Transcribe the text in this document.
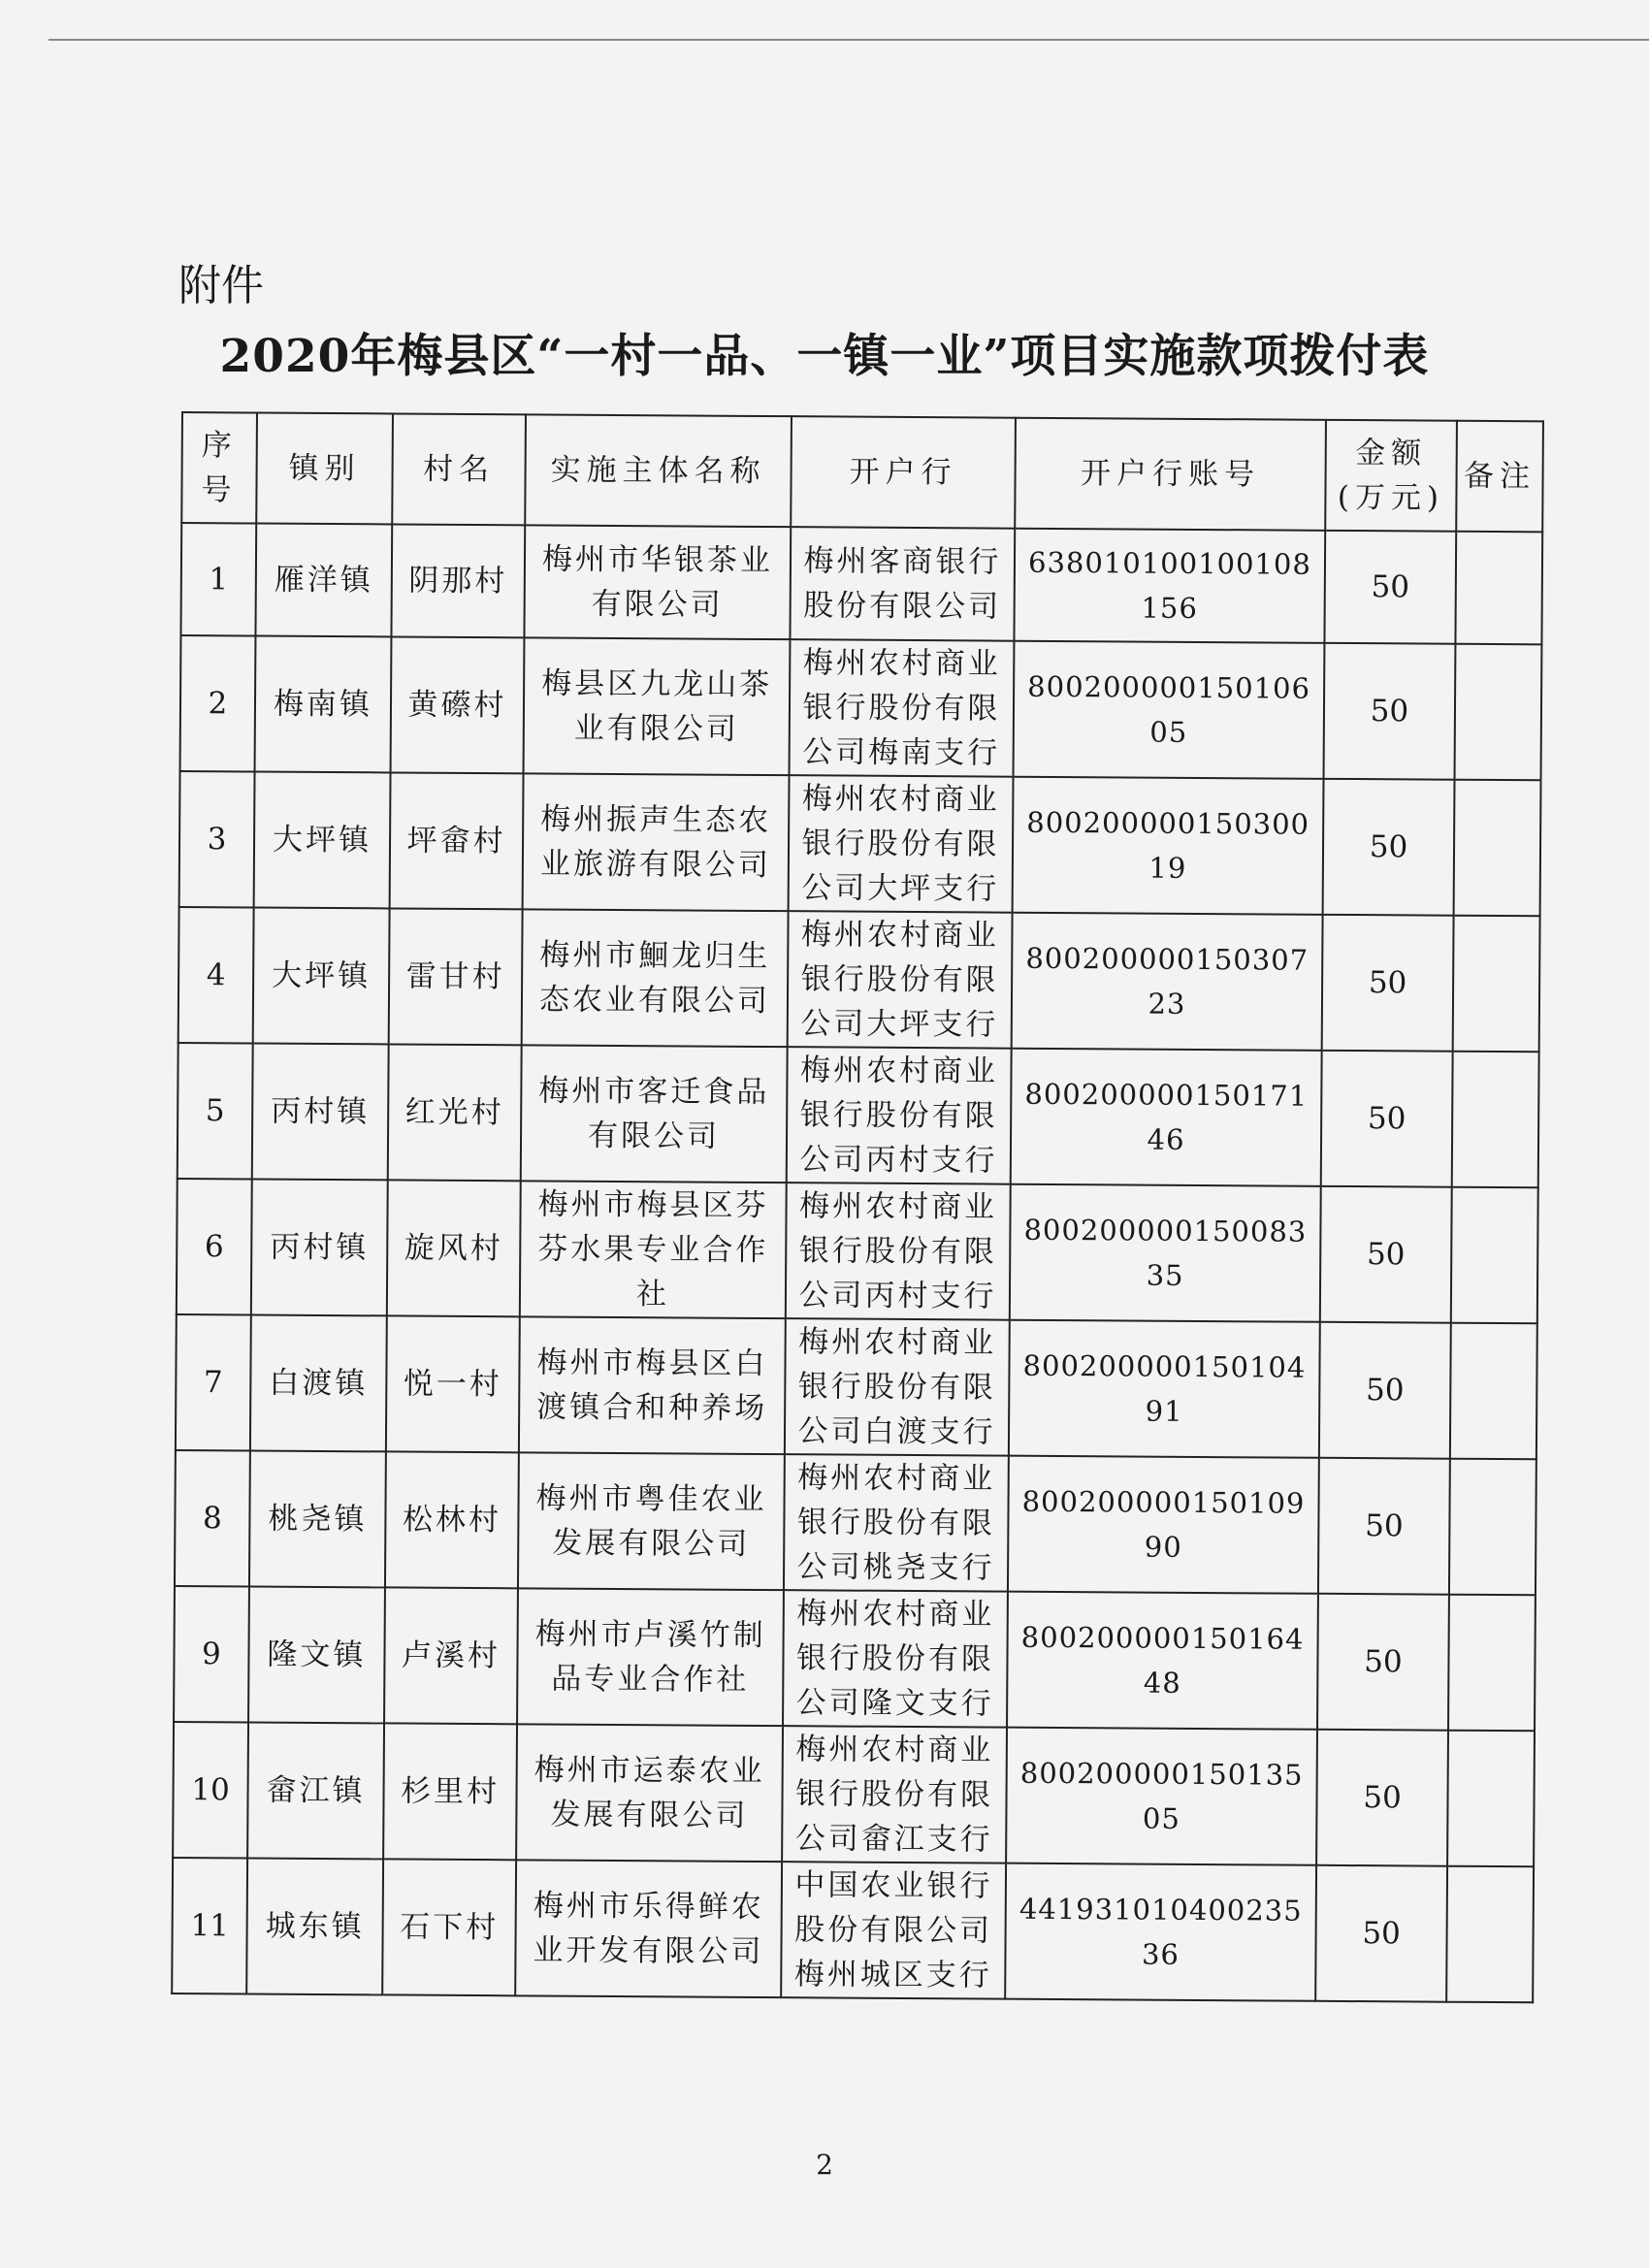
附件
2020年梅县区“一村一品、一镇一业”项目实施款项拨付表
序号	镇别	村名	实施主体名称	开户行	开户行账号	金额(万元)	备注
1	雁洋镇	阴那村	梅州市华银茶业有限公司	梅州客商银行股份有限公司	638010100100108156	50	
2	梅南镇	黄礤村	梅县区九龙山茶业有限公司	梅州农村商业银行股份有限公司梅南支行	80020000015010605	50	
3	大坪镇	坪畲村	梅州振声生态农业旅游有限公司	梅州农村商业银行股份有限公司大坪支行	80020000015030019	50	
4	大坪镇	雷甘村	梅州市鮰龙归生态农业有限公司	梅州农村商业银行股份有限公司大坪支行	80020000015030723	50	
5	丙村镇	红光村	梅州市客迁食品有限公司	梅州农村商业银行股份有限公司丙村支行	80020000015017146	50	
6	丙村镇	旋风村	梅州市梅县区芬芬水果专业合作社	梅州农村商业银行股份有限公司丙村支行	80020000015008335	50	
7	白渡镇	悦一村	梅州市梅县区白渡镇合和种养场	梅州农村商业银行股份有限公司白渡支行	80020000015010491	50	
8	桃尧镇	松林村	梅州市粤佳农业发展有限公司	梅州农村商业银行股份有限公司桃尧支行	80020000015010990	50	
9	隆文镇	卢溪村	梅州市卢溪竹制品专业合作社	梅州农村商业银行股份有限公司隆文支行	80020000015016448	50	
10	畲江镇	杉里村	梅州市运泰农业发展有限公司	梅州农村商业银行股份有限公司畲江支行	80020000015013505	50	
11	城东镇	石下村	梅州市乐得鲜农业开发有限公司	中国农业银行股份有限公司梅州城区支行	441931010400235 36	50	
2
